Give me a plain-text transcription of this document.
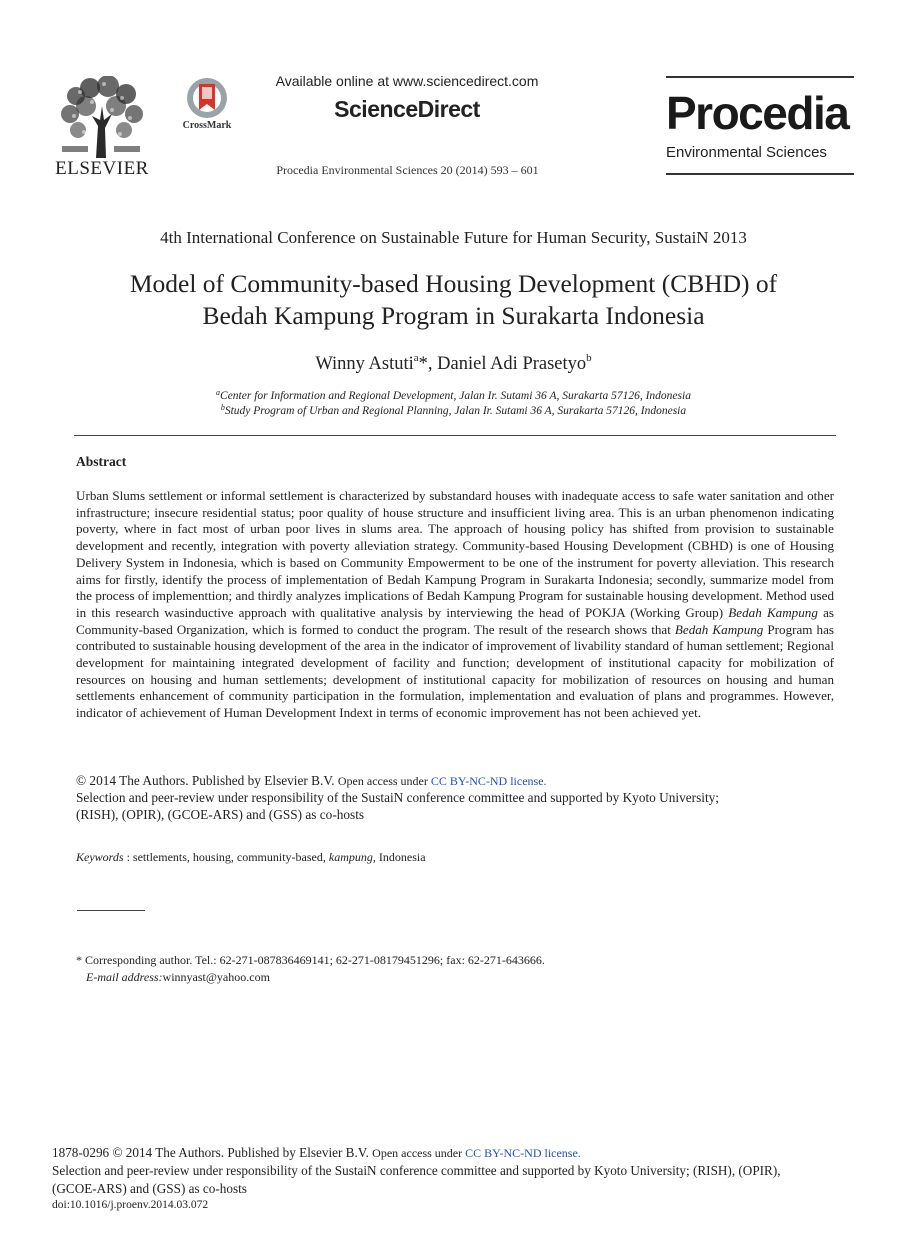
ELSEVIER
CrossMark
Available online at www.sciencedirect.com
ScienceDirect
Procedia Environmental Sciences 20 (2014) 593 – 601
Procedia
Environmental Sciences
4th International Conference on Sustainable Future for Human Security, SustaiN 2013
Model of Community-based Housing Development (CBHD) of
Bedah Kampung Program in Surakarta Indonesia
Winny Astuti$^a$*, Daniel Adi Prasetyo$^b$
$^a$Center for Information and Regional Development, Jalan Ir. Sutami 36 A, Surakarta 57126, Indonesia
$^b$Study Program of Urban and Regional Planning, Jalan Ir. Sutami 36 A, Surakarta 57126, Indonesia
Abstract

Urban Slums settlement or informal settlement is characterized by substandard houses with inadequate access to safe water sanitation and other infrastructure; insecure residential status; poor quality of house structure and insufficient living area. This is an urban phenomenon indicating poverty, where in fact most of urban poor lives in slums area. The approach of housing policy has shifted from provision to sustainable development and recently, integration with poverty alleviation strategy. Community-based Housing Development (CBHD) is one of Housing Delivery System in Indonesia, which is based on Community Empowerment to be one of the instrument for poverty alleviation. This research aims for firstly, identify the process of implementation of Bedah Kampung Program in Surakarta Indonesia; secondly, summarize model from the process of implementtion; and thirdly analyzes implications of Bedah Kampung Program for sustainable housing development. Method used in this research wasinductive approach with qualitative analysis by interviewing the head of POKJA (Working Group) Bedah Kampung as Community-based Organization, which is formed to conduct the program. The result of the research shows that Bedah Kampung Program has contributed to sustainable housing development of the area in the indicator of improvement of livability standard of human settlement; Regional development for maintaining integrated development of facility and function; development of institutional capacity for mobilization of resources on housing and human settlements; development of institutional capacity for mobilization of resources on housing and human settlements enhancement of community participation in the formulation, implementation and evaluation of plans and programmes. However, indicator of achievement of Human Development Indext in terms of economic improvement has not been achieved yet.

© 2014 The Authors. Published by Elsevier B.V. Open access under CC BY-NC-ND license.
Selection and peer-review under responsibility of the SustaiN conference committee and supported by Kyoto University;
(RISH), (OPIR), (GCOE-ARS) and (GSS) as co-hosts
Keywords : settlements, housing, community-based, kampung, Indonesia
* Corresponding author. Tel.: 62-271-087836469141; 62-271-08179451296; fax: 62-271-643666.
E-mail address:winnyast@yahoo.com
1878-0296 © 2014 The Authors. Published by Elsevier B.V. Open access under CC BY-NC-ND license.
Selection and peer-review under responsibility of the SustaiN conference committee and supported by Kyoto University; (RISH), (OPIR),
(GCOE-ARS) and (GSS) as co-hosts
doi:10.1016/j.proenv.2014.03.072
